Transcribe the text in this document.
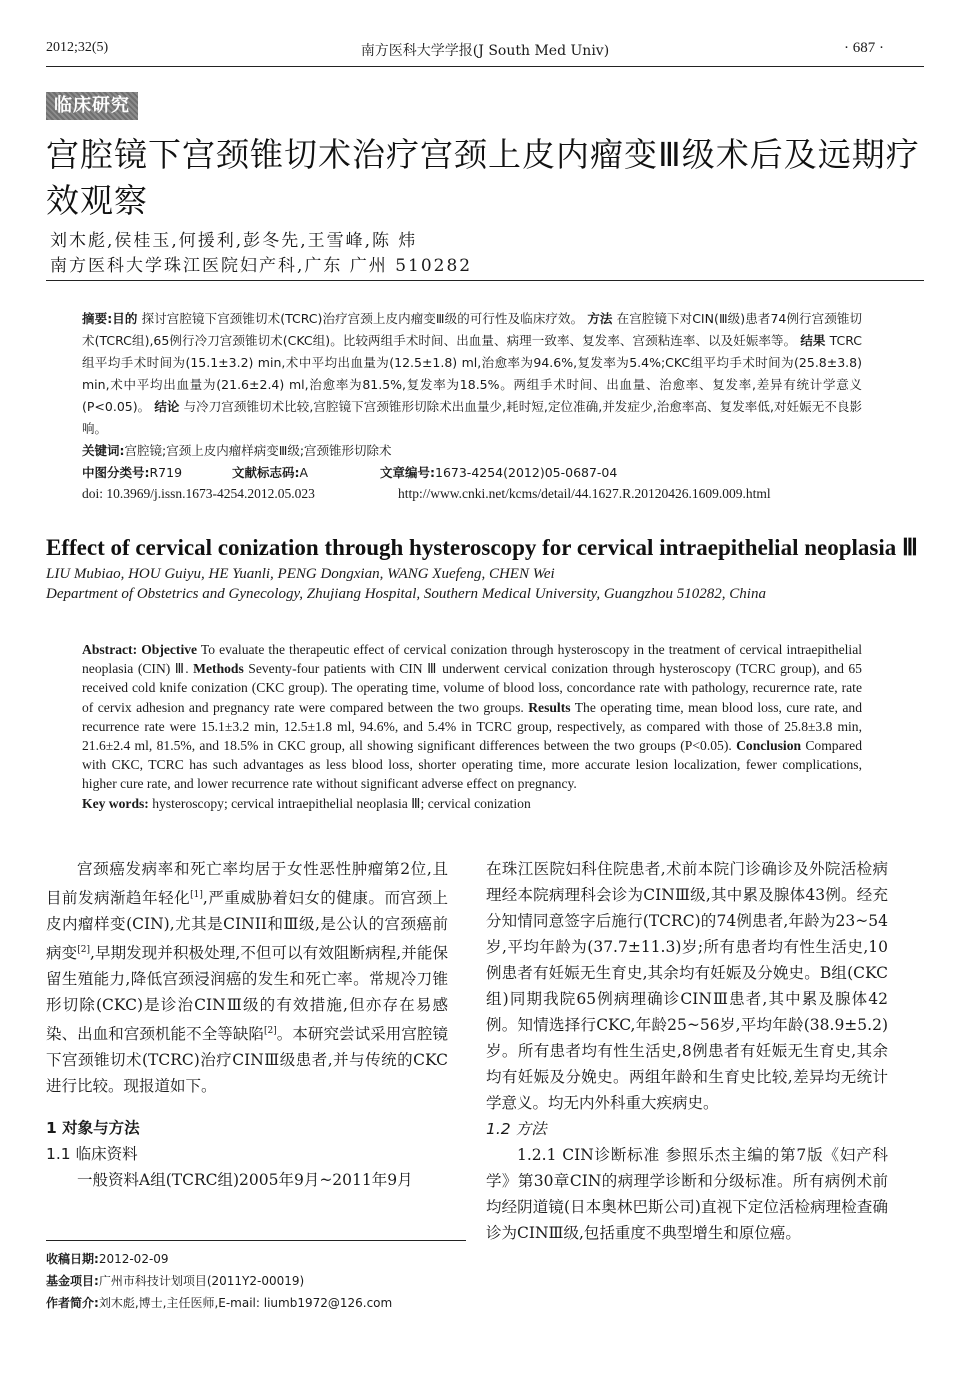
2012;32(5)	南方医科大学学报(J South Med Univ)	· 687 ·
临床研究
宫腔镜下宫颈锥切术治疗宫颈上皮内瘤变Ⅲ级术后及远期疗效观察
刘木彪,侯桂玉,何援利,彭冬先,王雪峰,陈 炜
南方医科大学珠江医院妇产科,广东 广州 510282

摘要:目的 探讨宫腔镜下宫颈锥切术(TCRC)治疗宫颈上皮内瘤变Ⅲ级的可行性及临床疗效。 方法 在宫腔镜下对CIN(Ⅲ级)患者74例行宫颈锥切术(TCRC组),65例行冷刀宫颈锥切术(CKC组)。比较两组手术时间、出血量、病理一致率、复发率、宫颈粘连率、以及妊娠率等。 结果 TCRC组平均手术时间为(15.1±3.2) min,术中平均出血量为(12.5±1.8) ml,治愈率为94.6%,复发率为5.4%;CKC组平均手术时间为(25.8±3.8) min,术中平均出血量为(21.6±2.4) ml,治愈率为81.5%,复发率为18.5%。两组手术时间、出血量、治愈率、复发率,差异有统计学意义(P<0.05)。 结论 与冷刀宫颈锥切术比较,宫腔镜下宫颈锥形切除术出血量少,耗时短,定位准确,并发症少,治愈率高、复发率低,对妊娠无不良影响。

关键词:宫腔镜;宫颈上皮内瘤样病变Ⅲ级;宫颈锥形切除术
中图分类号:R719	文献标志码:A	文章编号:1673-4254(2012)05-0687-04
doi: 10.3969/j.issn.1673-4254.2012.05.023	http://www.cnki.net/kcms/detail/44.1627.R.20120426.1609.009.html
Effect of cervical conization through hysteroscopy for cervical intraepithelial neoplasia Ⅲ
LIU Mubiao, HOU Guiyu, HE Yuanli, PENG Dongxian, WANG Xuefeng, CHEN Wei
Department of Obstetrics and Gynecology, Zhujiang Hospital, Southern Medical University, Guangzhou 510282, China

Abstract: Objective To evaluate the therapeutic effect of cervical conization through hysteroscopy in the treatment of cervical intraepithelial neoplasia (CIN) Ⅲ. Methods Seventy-four patients with CIN Ⅲ underwent cervical conization through hysteroscopy (TCRC group), and 65 received cold knife conization (CKC group). The operating time, volume of blood loss, concordance rate with pathology, recurernce rate, rate of cervix adhesion and pregnancy rate were compared between the two groups. Results The operating time, mean blood loss, cure rate, and recurrence rate were 15.1±3.2 min, 12.5±1.8 ml, 94.6%, and 5.4% in TCRC group, respectively, as compared with those of 25.8±3.8 min, 21.6±2.4 ml, 81.5%, and 18.5% in CKC group, all showing significant differences between the two groups (P<0.05). Conclusion Compared with CKC, TCRC has such advantages as less blood loss, shorter operating time, more accurate lesion localization, fewer complications, higher cure rate, and lower recurrence rate without significant adverse effect on pregnancy.
Key words: hysteroscopy; cervical intraepithelial neoplasia Ⅲ; cervical conization

宫颈癌发病率和死亡率均居于女性恶性肿瘤第2位,且目前发病渐趋年轻化[1],严重威胁着妇女的健康。而宫颈上皮内瘤样变(CIN),尤其是CINII和Ⅲ级,是公认的宫颈癌前病变[2],早期发现并积极处理,不但可以有效阻断病程,并能保留生殖能力,降低宫颈浸润癌的发生和死亡率。常规冷刀锥形切除(CKC)是诊治CINⅢ级的有效措施,但亦存在易感染、出血和宫颈机能不全等缺陷[2]。本研究尝试采用宫腔镜下宫颈锥切术(TCRC)治疗CINⅢ级患者,并与传统的CKC进行比较。现报道如下。

1 对象与方法

1.1 临床资料

一般资料A组(TCRC组)2005年9月~2011年9月

在珠江医院妇科住院患者,术前本院门诊确诊及外院活检病理经本院病理科会诊为CINⅢ级,其中累及腺体43例。经充分知情同意签字后施行(TCRC)的74例患者,年龄为23~54岁,平均年龄为(37.7±11.3)岁;所有患者均有性生活史,10例患者有妊娠无生育史,其余均有妊娠及分娩史。B组(CKC组)同期我院65例病理确诊CINⅢ患者,其中累及腺体42例。知情选择行CKC,年龄25~56岁,平均年龄(38.9±5.2)岁。所有患者均有性生活史,8例患者有妊娠无生育史,其余均有妊娠及分娩史。两组年龄和生育史比较,差异均无统计学意义。均无内外科重大疾病史。

1.2 方法

1.2.1 CIN诊断标准 参照乐杰主编的第7版《妇产科学》第30章CIN的病理学诊断和分级标准。所有病例术前均经阴道镜(日本奥林巴斯公司)直视下定位活检病理检查确诊为CINⅢ级,包括重度不典型增生和原位癌。

收稿日期:2012-02-09
基金项目:广州市科技计划项目(2011Y2-00019)
作者简介:刘木彪,博士,主任医师,E-mail: liumb1972@126.com
